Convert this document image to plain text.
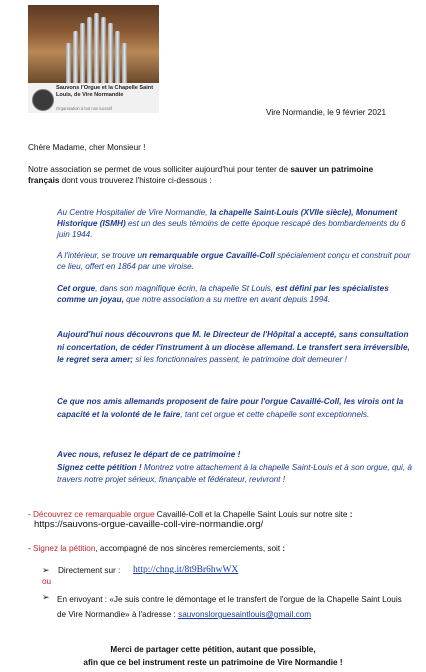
Sauvons l'Orgue et la Chapelle Saint Louis, de Vire Normandie
Organisation à but non lucratif	Vire Normandie, le 9 février 2021
Chère Madame, cher Monsieur !
Notre association se permet de vous solliciter aujourd'hui pour tenter de sauver un patrimoine français dont vous trouverez l'histoire ci-dessous :
Au Centre Hospitalier de Vire Normandie, la chapelle Saint-Louis (XVIIe siècle), Monument Historique (ISMH) est un des seuls témoins de cette époque rescapé des bombardements du 6 juin 1944.
A l'intérieur, se trouve un remarquable orgue Cavaillé-Coll spécialement conçu et construit pour ce lieu, offert en 1864 par une viroise.
Cet orgue, dans son magnifique écrin, la chapelle St Louis, est défini par les spécialistes comme un joyau, que notre association a su mettre en avant depuis 1994.
Aujourd'hui nous découvrons que M. le Directeur de l'Hôpital a accepté, sans consultation ni concertation, de céder l'instrument à un diocèse allemand. Le transfert sera irréversible, le regret sera amer; si les fonctionnaires passent, le patrimoine doit demeurer !
Ce que nos amis allemands proposent de faire pour l'orgue Cavaillé-Coll, les virois ont la capacité et la volonté de le faire, tant cet orgue et cette chapelle sont exceptionnels.
Avec nous, refusez le départ de ce patrimoine !
Signez cette pétition ! Montrez votre attachement à la chapelle Saint-Louis et à son orgue, qui, à travers notre projet sérieux, finançable et fédérateur, revivront !
- Découvrez ce remarquable orgue Cavaillé-Coll et la Chapelle Saint Louis sur notre site :
https://sauvons-orgue-cavaille-coll-vire-normandie.org/
- Signez la pétition, accompagné de nos sincères remerciements, soit :
➢ Directement sur : http://chng.it/8t9Br6hwWX
ou
➢ En envoyant : «Je suis contre le démontage et le transfert de l'orgue de la Chapelle Saint Louis de Vire Normandie» à l'adresse : sauvonslorguesaintlouis@gmail.com
Merci de partager cette pétition, autant que possible,
afin que ce bel instrument reste un patrimoine de Vire Normandie !
